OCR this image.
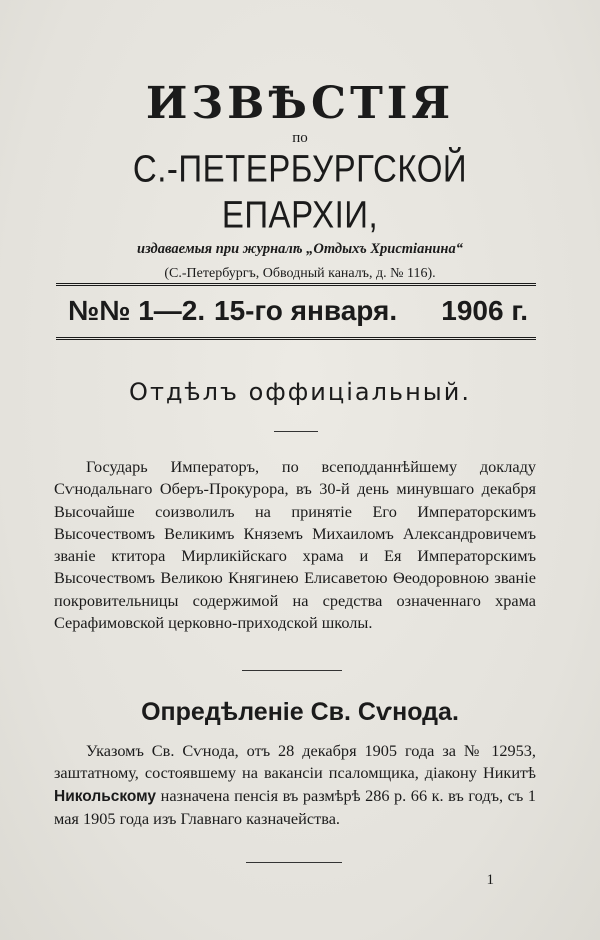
ИЗВѢСТІЯ
по
С.-ПЕТЕРБУРГСКОЙ ЕПАРХІИ,
издаваемыя при журналѣ „Отдыхъ Христіанина“
(С.-Петербургъ, Обводный каналъ, д. № 116).
№№ 1—2. 15-го января. 1906 г.
Отдѣлъ оффиціальный.

Государь Императоръ, по всеподданнѣйшему докладу Сѵнодальнаго Оберъ-Прокурора, въ 30-й день минувшаго декабря Высочайше соизволилъ на принятіе Его Императорскимъ Высочествомъ Великимъ Княземъ Михаиломъ Александровичемъ званіе ктитора Мирликійскаго храма и Ея Императорскимъ Высочествомъ Великою Княгинею Елисаветою Ѳеодоровною званіе покровительницы содержимой на средства означеннаго храма Серафимовской церковно-приходской школы.

Опредѣленіе Св. Сѵнода.

Указомъ Св. Сѵнода, отъ 28 декабря 1905 года за № 12953, заштатному, состоявшему на вакансіи псаломщика, діакону Никитѣ Никольскому назначена пенсія въ размѣрѣ 286 р. 66 к. въ годъ, съ 1 мая 1905 года изъ Главнаго казначейства.

1
